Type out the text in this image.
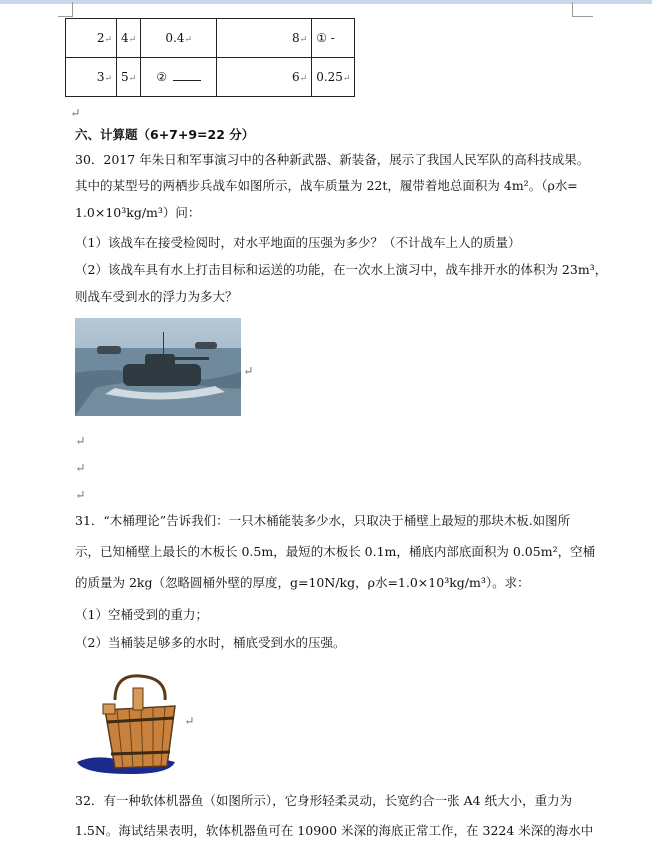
2↵	4↵	0.4↵	8↵	① -
3↵	5↵	②	6↵	0.25↵
↵
六、计算题（6+7+9=22 分）
30．2017 年朱日和军事演习中的各种新武器、新装备，展示了我国人民军队的高科技成果。
其中的某型号的两栖步兵战车如图所示，战车质量为 22t，履带着地总面积为 4m²。（ρ水=
1.0×10³kg/m³）问：
（1）该战车在接受检阅时，对水平地面的压强为多少？（不计战车上人的质量）
（2）该战车具有水上打击目标和运送的功能，在一次水上演习中，战车排开水的体积为 23m³，
则战车受到水的浮力为多大？
↵
↵
↵
↵
31．“木桶理论”告诉我们：一只木桶能装多少水，只取决于桶壁上最短的那块木板.如图所
示，已知桶壁上最长的木板长 0.5m，最短的木板长 0.1m，桶底内部底面积为 0.05m²，空桶
的质量为 2kg（忽略圆桶外壁的厚度，g=10N/kg，ρ水=1.0×10³kg/m³）。求：
（1）空桶受到的重力；
（2）当桶装足够多的水时，桶底受到水的压强。
↵
32．有一种软体机器鱼（如图所示），它身形轻柔灵动，长宽约合一张 A4 纸大小，重力为
1.5N。海试结果表明，软体机器鱼可在 10900 米深的海底正常工作，在 3224 米深的海水中
